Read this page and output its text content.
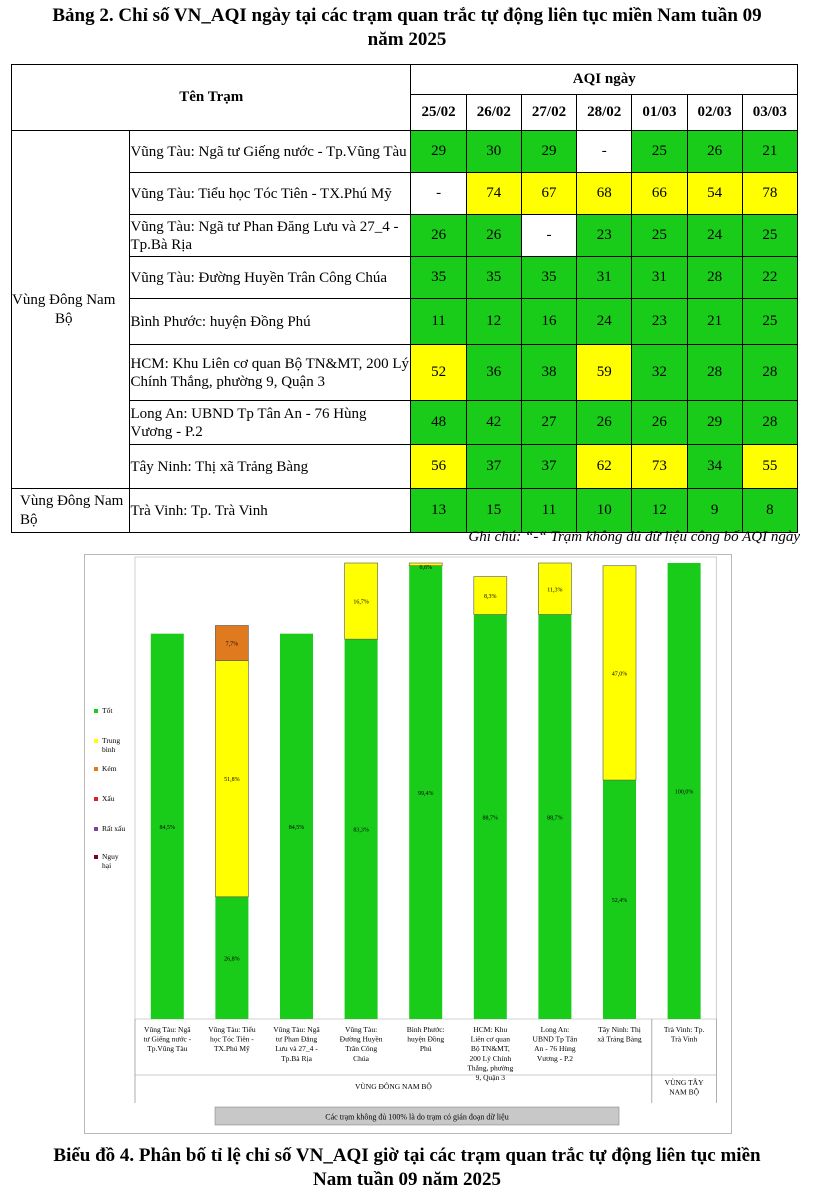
Bảng 2. Chỉ số VN_AQI ngày tại các trạm quan trắc tự động liên tục miền Nam tuần 09
năm 2025
Tên Trạm		AQI ngày						
		25/02	26/02	27/02	28/02	01/03	02/03	03/03
Vùng Đông Nam Bộ	Vũng Tàu: Ngã tư Giếng nước - Tp.Vũng Tàu	29	30	29	-	25	26	21
	Vũng Tàu: Tiểu học Tóc Tiên - TX.Phú Mỹ	-	74	67	68	66	54	78
	Vũng Tàu: Ngã tư Phan Đăng Lưu và 27_4 - Tp.Bà Rịa	26	26	-	23	25	24	25
	Vũng Tàu: Đường Huyền Trân Công Chúa	35	35	35	31	31	28	22
	Bình Phước: huyện Đồng Phú	11	12	16	24	23	21	25
	HCM: Khu Liên cơ quan Bộ TN&MT, 200 Lý Chính Thắng, phường 9, Quận 3	52	36	38	59	32	28	28
	Long An: UBND Tp Tân An - 76 Hùng Vương - P.2	48	42	27	26	26	29	28
	Tây Ninh: Thị xã Trảng Bàng	56	37	37	62	73	34	55
Vùng Đông Nam Bộ	Trà Vinh: Tp. Trà Vinh	13	15	11	10	12	9	8
Ghi chú: “-“ Trạm không đủ dữ liệu công bố AQI ngày
84,5%
26,8%
51,8%
7,7%
84,5%	83,3%
16,7%
99,4%
0,6%
88,7%
8,3%
88,7%
11,3%
52,4%
47,0%
100,0%
Tốt
Trung
bình
Kém
Xấu
Rất xấu
Nguy
hại
Vũng Tàu: Ngã
tư Giếng nước -
Tp.Vũng Tàu
Vũng Tàu: Tiểu
học Tóc Tiên -
TX.Phú Mỹ
Vũng Tàu: Ngã
tư Phan Đăng
Lưu và 27_4 -
Tp.Bà Rịa
Vũng Tàu:
Đường Huyền
Trân Công
Chúa
Bình Phước:
huyện Đồng
Phú
HCM: Khu
Liên cơ quan
Bộ TN&MT,
200 Lý Chính
Thắng, phường
9, Quận 3
Long An:
UBND Tp Tân
An - 76 Hùng
Vương - P.2
Tây Ninh: Thị
xã Trảng Bàng
Trà Vinh: Tp.
Trà Vinh
VÙNG ĐÔNG NAM BỘ	VÙNG TÂY
NAM BỘ
Các trạm không đủ 100% là do trạm có gián đoạn dữ liệu
Biểu đồ 4. Phân bố tỉ lệ chỉ số VN_AQI giờ tại các trạm quan trắc tự động liên tục miền
Nam tuần 09 năm 2025
